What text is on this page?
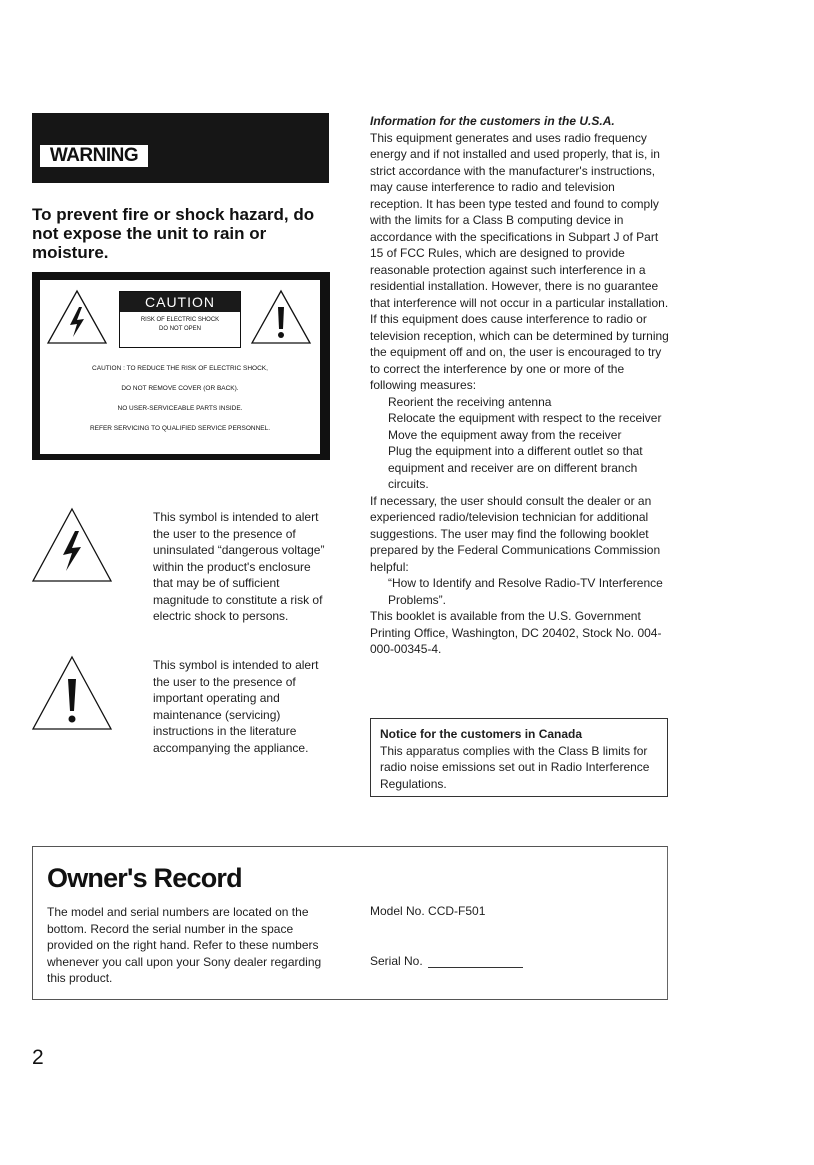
WARNING
To prevent fire or shock hazard, do not expose the unit to rain or moisture.
CAUTION
RISK OF ELECTRIC SHOCK
DO NOT OPEN
CAUTION : TO REDUCE THE RISK OF ELECTRIC SHOCK,
DO NOT REMOVE COVER (OR BACK).
NO USER-SERVICEABLE PARTS INSIDE.
REFER SERVICING TO QUALIFIED SERVICE PERSONNEL.
This symbol is intended to alert the user to the presence of uninsulated “dangerous voltage” within the product's enclosure that may be of sufficient magnitude to constitute a risk of electric shock to persons.
This symbol is intended to alert the user to the presence of important operating and maintenance (servicing) instructions in the literature accompanying the appliance.

Information for the customers in the U.S.A.

This equipment generates and uses radio frequency energy and if not installed and used properly, that is, in strict accordance with the manufacturer's instructions, may cause interference to radio and television reception. It has been type tested and found to comply with the limits for a Class B computing device in accordance with the specifications in Subpart J of Part 15 of FCC Rules, which are designed to provide reasonable protection against such interference in a residential installation. However, there is no guarantee that interference will not occur in a particular installation. If this equipment does cause interference to radio or television reception, which can be determined by turning the equipment off and on, the user is encouraged to try to correct the interference by one or more of the following measures:

Reorient the receiving antenna

Relocate the equipment with respect to the receiver

Move the equipment away from the receiver

Plug the equipment into a different outlet so that equipment and receiver are on different branch circuits.

If necessary, the user should consult the dealer or an experienced radio/television technician for additional suggestions. The user may find the following booklet prepared by the Federal Communications Commission helpful:

“How to Identify and Resolve Radio-TV Interference Problems”.

This booklet is available from the U.S. Government Printing Office, Washington, DC 20402, Stock No. 004-000-00345-4.

Notice for the customers in Canada
This apparatus complies with the Class B limits for radio noise emissions set out in Radio Interference Regulations.
Owner's Record
The model and serial numbers are located on the bottom. Record the serial number in the space provided on the right hand. Refer to these numbers whenever you call upon your Sony dealer regarding this product.
Model No. CCD-F501
Serial No.
2
